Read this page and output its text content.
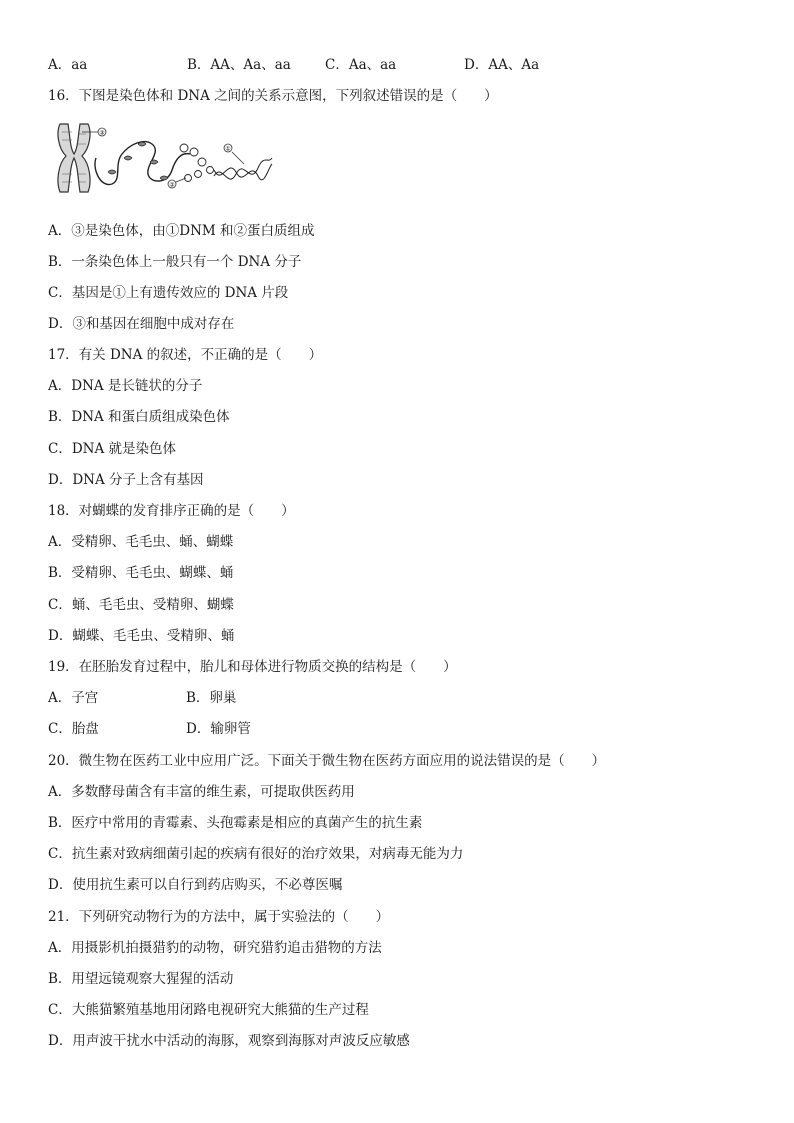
A．aa	B．AA、Aa、aa	C．Aa、aa	D．AA、Aa
16．下图是染色体和 DNA 之间的关系示意图，下列叙述错误的是（　　）
③
②
①
A．③是染色体，由①DNM 和②蛋白质组成
B．一条染色体上一般只有一个 DNA 分子
C．基因是①上有遗传效应的 DNA 片段
D．③和基因在细胞中成对存在
17．有关 DNA 的叙述，不正确的是（　　）
A．DNA 是长链状的分子
B．DNA 和蛋白质组成染色体
C．DNA 就是染色体
D．DNA 分子上含有基因
18．对蝴蝶的发育排序正确的是（　　）
A．受精卵、毛毛虫、蛹、蝴蝶
B．受精卵、毛毛虫、蝴蝶、蛹
C．蛹、毛毛虫、受精卵、蝴蝶
D．蝴蝶、毛毛虫、受精卵、蛹
19．在胚胎发育过程中，胎儿和母体进行物质交换的结构是（　　）
A．子宫	B．卵巢
C．胎盘	D．输卵管
20．微生物在医药工业中应用广泛。下面关于微生物在医药方面应用的说法错误的是（　　）
A．多数酵母菌含有丰富的维生素，可提取供医药用
B．医疗中常用的青霉素、头孢霉素是相应的真菌产生的抗生素
C．抗生素对致病细菌引起的疾病有很好的治疗效果，对病毒无能为力
D．使用抗生素可以自行到药店购买，不必尊医嘱
21．下列研究动物行为的方法中，属于实验法的（　　）
A．用摄影机拍摄猎豹的动物，研究猎豹追击猎物的方法
B．用望远镜观察大猩猩的活动
C．大熊猫繁殖基地用闭路电视研究大熊猫的生产过程
D．用声波干扰水中活动的海豚，观察到海豚对声波反应敏感
